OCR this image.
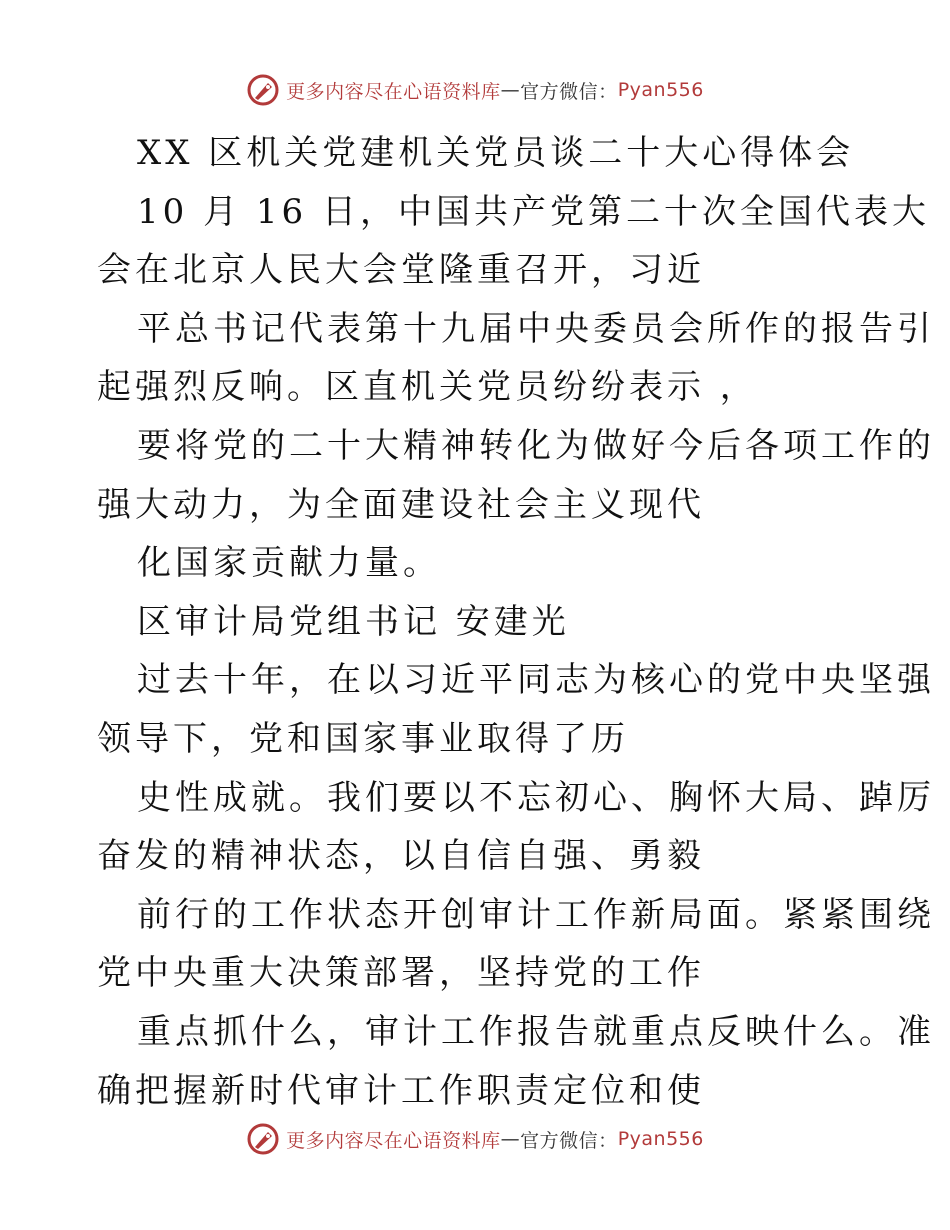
更多内容尽在心语资料库 — 官方微信： Pyan556
XX 区机关党建机关党员谈二十大心得体会
10 月 16 日，中国共产党第二十次全国代表大
会在北京人民大会堂隆重召开，习近
平总书记代表第十九届中央委员会所作的报告引
起强烈反响。区直机关党员纷纷表示 ，
要将党的二十大精神转化为做好今后各项工作的
强大动力，为全面建设社会主义现代
化国家贡献力量。
区审计局党组书记 安建光
过去十年，在以习近平同志为核心的党中央坚强
领导下，党和国家事业取得了历
史性成就。我们要以不忘初心、胸怀大局、踔厉
奋发的精神状态，以自信自强、勇毅
前行的工作状态开创审计工作新局面。紧紧围绕
党中央重大决策部署，坚持党的工作
重点抓什么，审计工作报告就重点反映什么。准
确把握新时代审计工作职责定位和使
更多内容尽在心语资料库 — 官方微信： Pyan556
